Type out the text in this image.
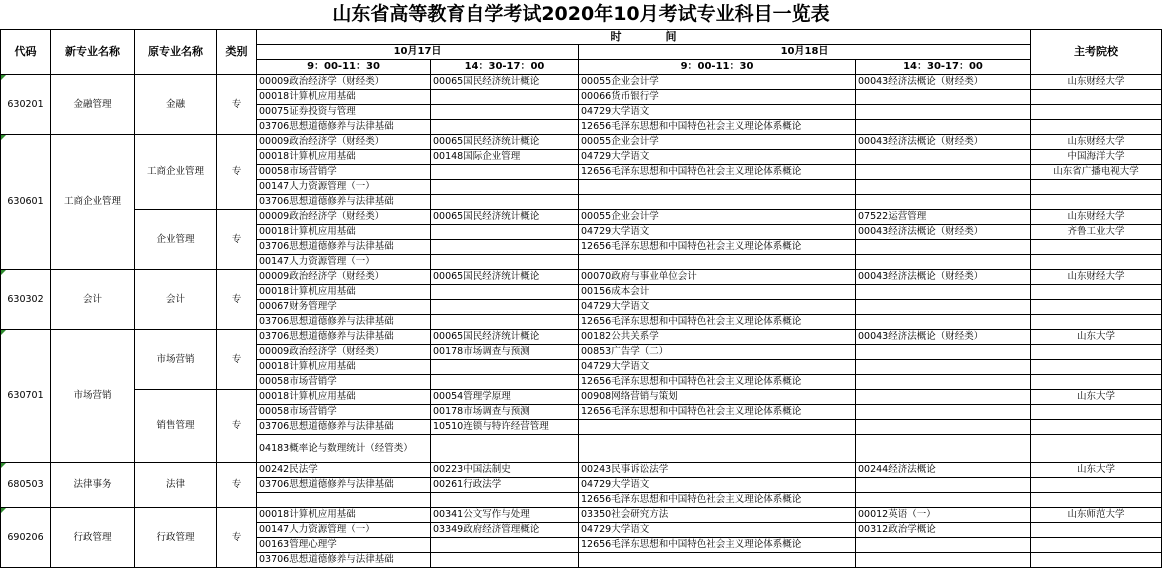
山东省高等教育自学考试2020年10月考试专业科目一览表
代码	新专业名称	原专业名称	类别	时　　　　间				主考院校
				10月17日		10月18日		
				9：00-11：30	14：30-17：00	9：00-11：30	14：30-17：00	
630201	金融管理	金融	专	00009政治经济学（财经类）	00065国民经济统计概论	00055企业会计学	00043经济法概论（财经类）	山东财经大学
				00018计算机应用基础		00066货币银行学		
				00075证券投资与管理		04729大学语文		
				03706思想道德修养与法律基础		12656毛泽东思想和中国特色社会主义理论体系概论		
630601	工商企业管理	工商企业管理	专	00009政治经济学（财经类）	00065国民经济统计概论	00055企业会计学	00043经济法概论（财经类）	山东财经大学
				00018计算机应用基础	00148国际企业管理	04729大学语文		中国海洋大学
				00058市场营销学		12656毛泽东思想和中国特色社会主义理论体系概论		山东省广播电视大学
				00147人力资源管理（一）				
				03706思想道德修养与法律基础				
		企业管理	专	00009政治经济学（财经类）	00065国民经济统计概论	00055企业会计学	07522运营管理	山东财经大学
				00018计算机应用基础		04729大学语文	00043经济法概论（财经类）	齐鲁工业大学
				03706思想道德修养与法律基础		12656毛泽东思想和中国特色社会主义理论体系概论		
				00147人力资源管理（一）				
630302	会计	会计	专	00009政治经济学（财经类）	00065国民经济统计概论	00070政府与事业单位会计	00043经济法概论（财经类）	山东财经大学
				00018计算机应用基础		00156成本会计		
				00067财务管理学		04729大学语文		
				03706思想道德修养与法律基础		12656毛泽东思想和中国特色社会主义理论体系概论		
630701	市场营销	市场营销	专	03706思想道德修养与法律基础	00065国民经济统计概论	00182公共关系学	00043经济法概论（财经类）	山东大学
				00009政治经济学（财经类）	00178市场调查与预测	00853广告学（二）		
				00018计算机应用基础		04729大学语文		
				00058市场营销学		12656毛泽东思想和中国特色社会主义理论体系概论		
		销售管理	专	00018计算机应用基础	00054管理学原理	00908网络营销与策划		山东大学
				00058市场营销学	00178市场调查与预测	12656毛泽东思想和中国特色社会主义理论体系概论		
				03706思想道德修养与法律基础	10510连锁与特许经营管理			
				04183概率论与数理统计（经管类）				
680503	法律事务	法律	专	00242民法学	00223中国法制史	00243民事诉讼法学	00244经济法概论	山东大学
				03706思想道德修养与法律基础	00261行政法学	04729大学语文		
						12656毛泽东思想和中国特色社会主义理论体系概论		
690206	行政管理	行政管理	专	00018计算机应用基础	00341公文写作与处理	03350社会研究方法	00012英语（一）	山东师范大学
				00147人力资源管理（一）	03349政府经济管理概论	04729大学语文	00312政治学概论	
				00163管理心理学		12656毛泽东思想和中国特色社会主义理论体系概论		
				03706思想道德修养与法律基础				
